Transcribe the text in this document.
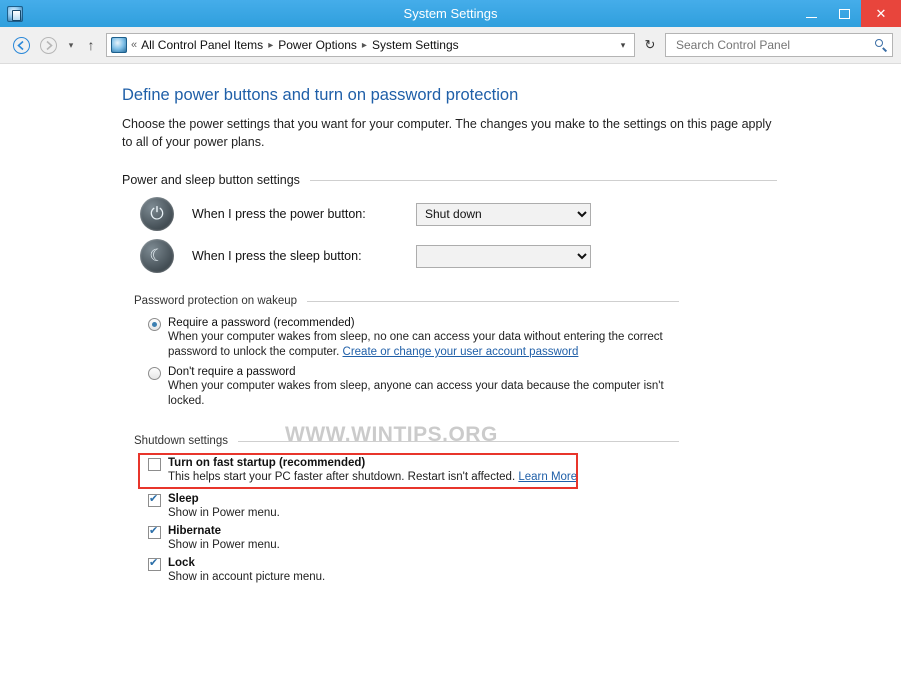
System Settings	✕
▾	↑	« All Control Panel Items ▸ Power Options ▸ System Settings	▾	↻
Search Control Panel
Define power buttons and turn on password protection
Choose the power settings that you want for your computer. The changes you make to the settings on this page apply to all of your power plans.
Power and sleep button settings
⏻	When I press the power button:
Shut down
☾	When I press the sleep button:
Password protection on wakeup
Require a password (recommended)
When your computer wakes from sleep, no one can access your data without entering the correct password to unlock the computer. Create or change your user account password
Don't require a password
When your computer wakes from sleep, anyone can access your data because the computer isn't locked.
Shutdown settings
Turn on fast startup (recommended)
This helps start your PC faster after shutdown. Restart isn't affected. Learn More
✔
Sleep
Show in Power menu.
✔
Hibernate
Show in Power menu.
✔
Lock
Show in account picture menu.
WWW.WINTIPS.ORG
